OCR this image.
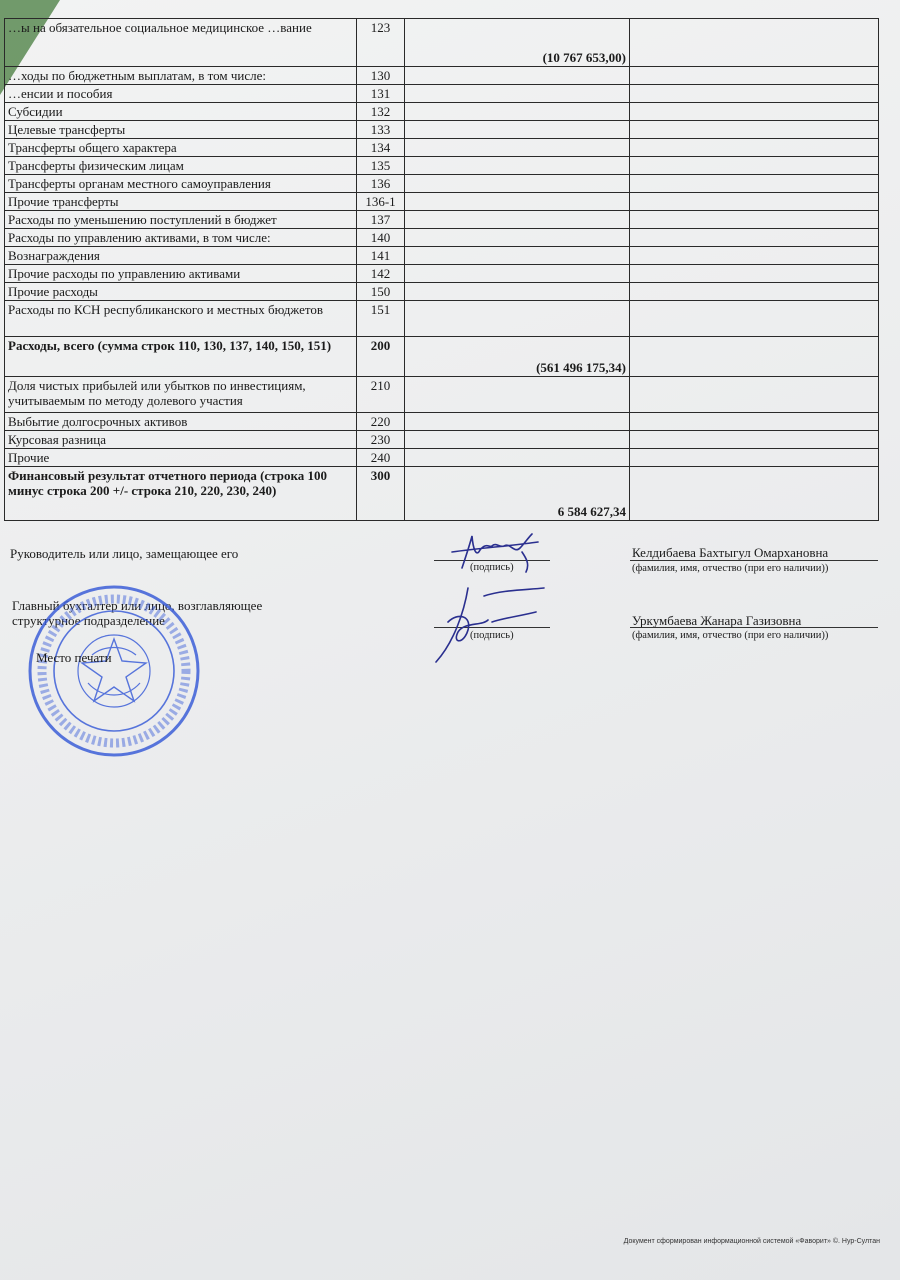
…ы на обязательное социальное медицинское …вание	123	(10 767 653,00)	
…ходы по бюджетным выплатам, в том числе:	130		
…енсии и пособия	131		
Субсидии	132		
Целевые трансферты	133		
Трансферты общего характера	134		
Трансферты физическим лицам	135		
Трансферты органам местного самоуправления	136		
Прочие трансферты	136-1		
Расходы по уменьшению поступлений в бюджет	137		
Расходы по управлению активами, в том числе:	140		
Вознаграждения	141		
Прочие расходы по управлению активами	142		
Прочие расходы	150		
Расходы по КСН республиканского и местных бюджетов	151		
Расходы, всего (сумма строк 110, 130, 137, 140, 150, 151)	200	(561 496 175,34)	
Доля чистых прибылей или убытков по инвестициям, учитываемым по методу долевого участия	210		
Выбытие долгосрочных активов	220		
Курсовая разница	230		
Прочие	240		
Финансовый результат отчетного периода (строка 100 минус строка 200 +/- строка 210, 220, 230, 240)	300	6 584 627,34	
Руководитель или лицо, замещающее его
(подпись)
Келдибаева Бахтыгул Омархановна
(фамилия, имя, отчество (при его наличии))
Главный бухгалтер или лицо, возглавляющее
структурное подразделение
(подпись)
Уркумбаева Жанара Газизовна
(фамилия, имя, отчество (при его наличии))
Место печати
Документ сформирован информационной системой «Фаворит» ©. Нур-Султан
